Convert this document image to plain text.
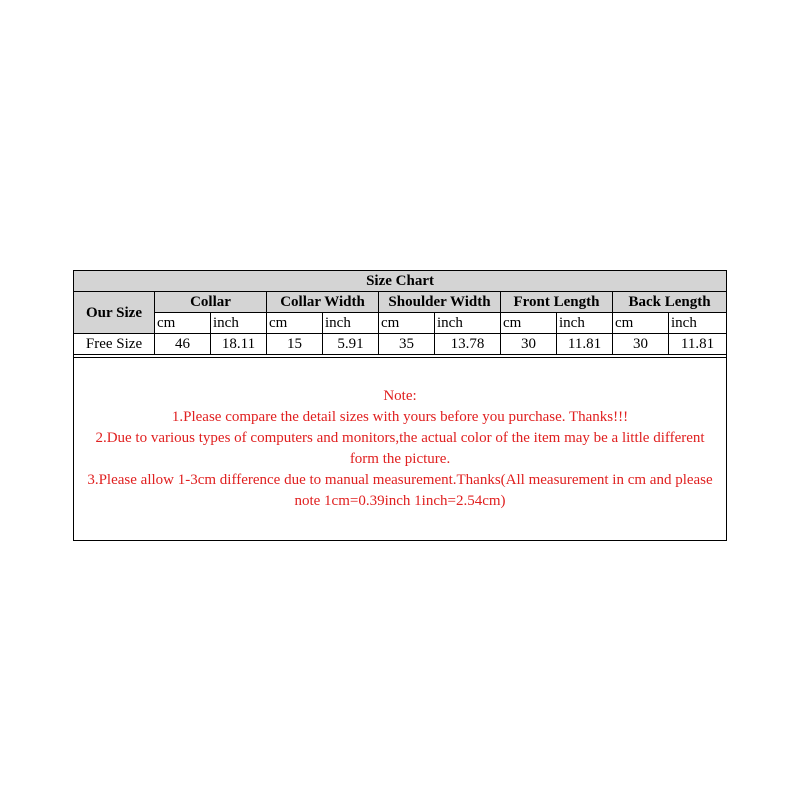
Size Chart										
Our Size	Collar		Collar Width		Shoulder Width		Front Length		Back Length	
	cm	inch	cm	inch	cm	inch	cm	inch	cm	inch
Free Size	46	18.11	15	5.91	35	13.78	30	11.81	30	11.81

Note:
1.Please compare the detail sizes with yours before you purchase. Thanks!!!
2.Due to various types of computers and monitors,the actual color of the item may be a little different form the picture.
3.Please allow 1-3cm difference due to manual measurement.Thanks(All measurement in cm and please note 1cm=0.39inch 1inch=2.54cm)										
